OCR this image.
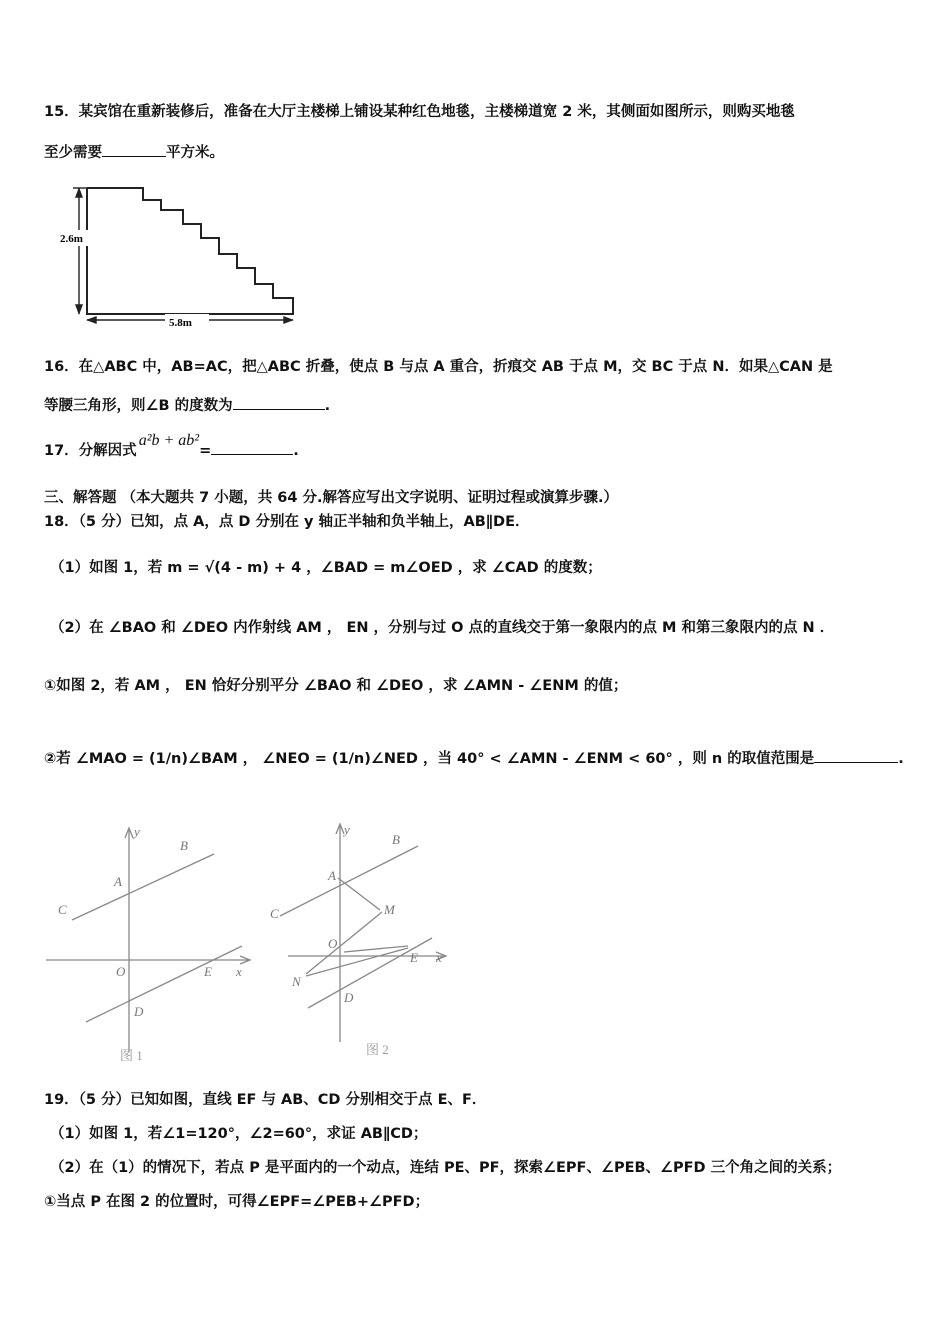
15．某宾馆在重新装修后，准备在大厅主楼梯上铺设某种红色地毯，主楼梯道宽 2 米，其侧面如图所示，则购买地毯
至少需要	平方米。
2.6m
5.8m
16．在△ABC 中，AB=AC，把△ABC 折叠，使点 B 与点 A 重合，折痕交 AB 于点 M，交 BC 于点 N．如果△CAN 是
等腰三角形，则∠B 的度数为	.
17．分解因式a²b + ab²=	.
三、解答题 （本大题共 7 小题，共 64 分.解答应写出文字说明、证明过程或演算步骤.）
18．（5 分）已知，点 A，点 D 分别在 y 轴正半轴和负半轴上，AB∥DE．
（1）如图 1，若 m = √(4 - m) + 4 ，∠BAD = m∠OED ，求 ∠CAD 的度数；
（2）在 ∠BAO 和 ∠DEO 内作射线 AM ， EN ，分别与过 O 点的直线交于第一象限内的点 M 和第三象限内的点 N ．
①如图 2，若 AM ， EN 恰好分别平分 ∠BAO 和 ∠DEO ，求 ∠AMN - ∠ENM 的值；
②若 ∠MAO = (1/n)∠BAM ， ∠NEO = (1/n)∠NED ，当 40° < ∠AMN - ∠ENM < 60° ，则 n 的取值范围是	.
y
B
A
C
O	E x
D
图 1
y
B
A
C	M
O
E x
N
D
图 2
19．（5 分）已知如图，直线 EF 与 AB、CD 分别相交于点 E、F．
（1）如图 1，若∠1=120°，∠2=60°，求证 AB∥CD；
（2）在（1）的情况下，若点 P 是平面内的一个动点，连结 PE、PF，探索∠EPF、∠PEB、∠PFD 三个角之间的关系；
①当点 P 在图 2 的位置时，可得∠EPF=∠PEB+∠PFD；
